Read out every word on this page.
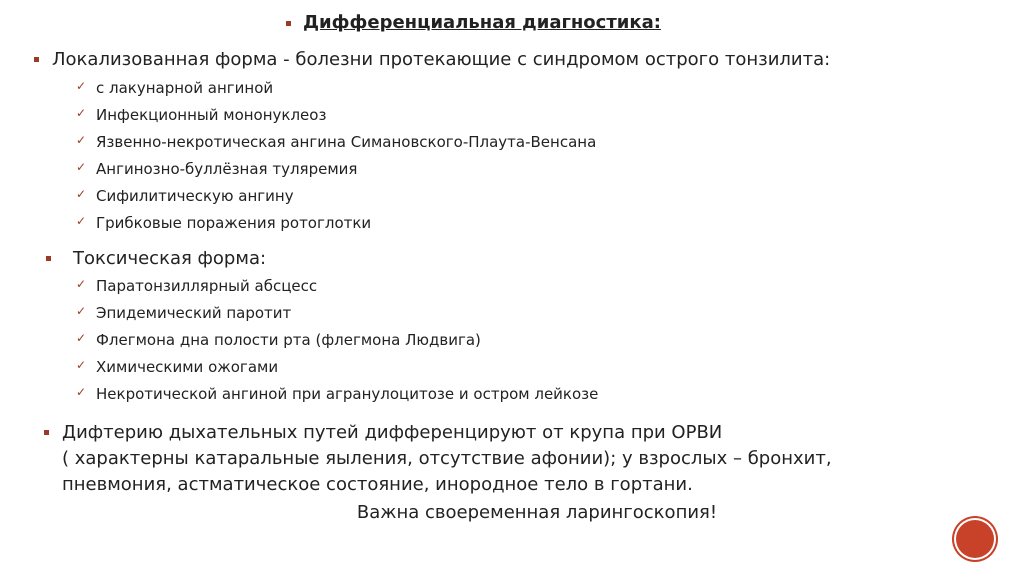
Дифференциальная диагностика:
Локализованная форма - болезни протекающие с синдромом острого тонзилита:
✓ с лакунарной ангиной
✓ Инфекционный мононуклеоз
✓ Язвенно-некротическая ангина Симановского-Плаута-Венсана
✓ Ангинозно-буллёзная туляремия
✓ Сифилитическую ангину
✓ Грибковые поражения ротоглотки
Токсическая форма:
✓ Паратонзиллярный абсцесс
✓ Эпидемический паротит
✓ Флегмона дна полости рта (флегмона Людвига)
✓ Химическими ожогами
✓ Некротической ангиной при агранулоцитозе и остром лейкозе
Дифтерию дыхательных путей дифференцируют от крупа при ОРВИ
( характерны катаральные яыления, отсутствие афонии); у взрослых – бронхит,
пневмония, астматическое состояние, инородное тело в гортани.
Важна своеременная ларингоскопия!
